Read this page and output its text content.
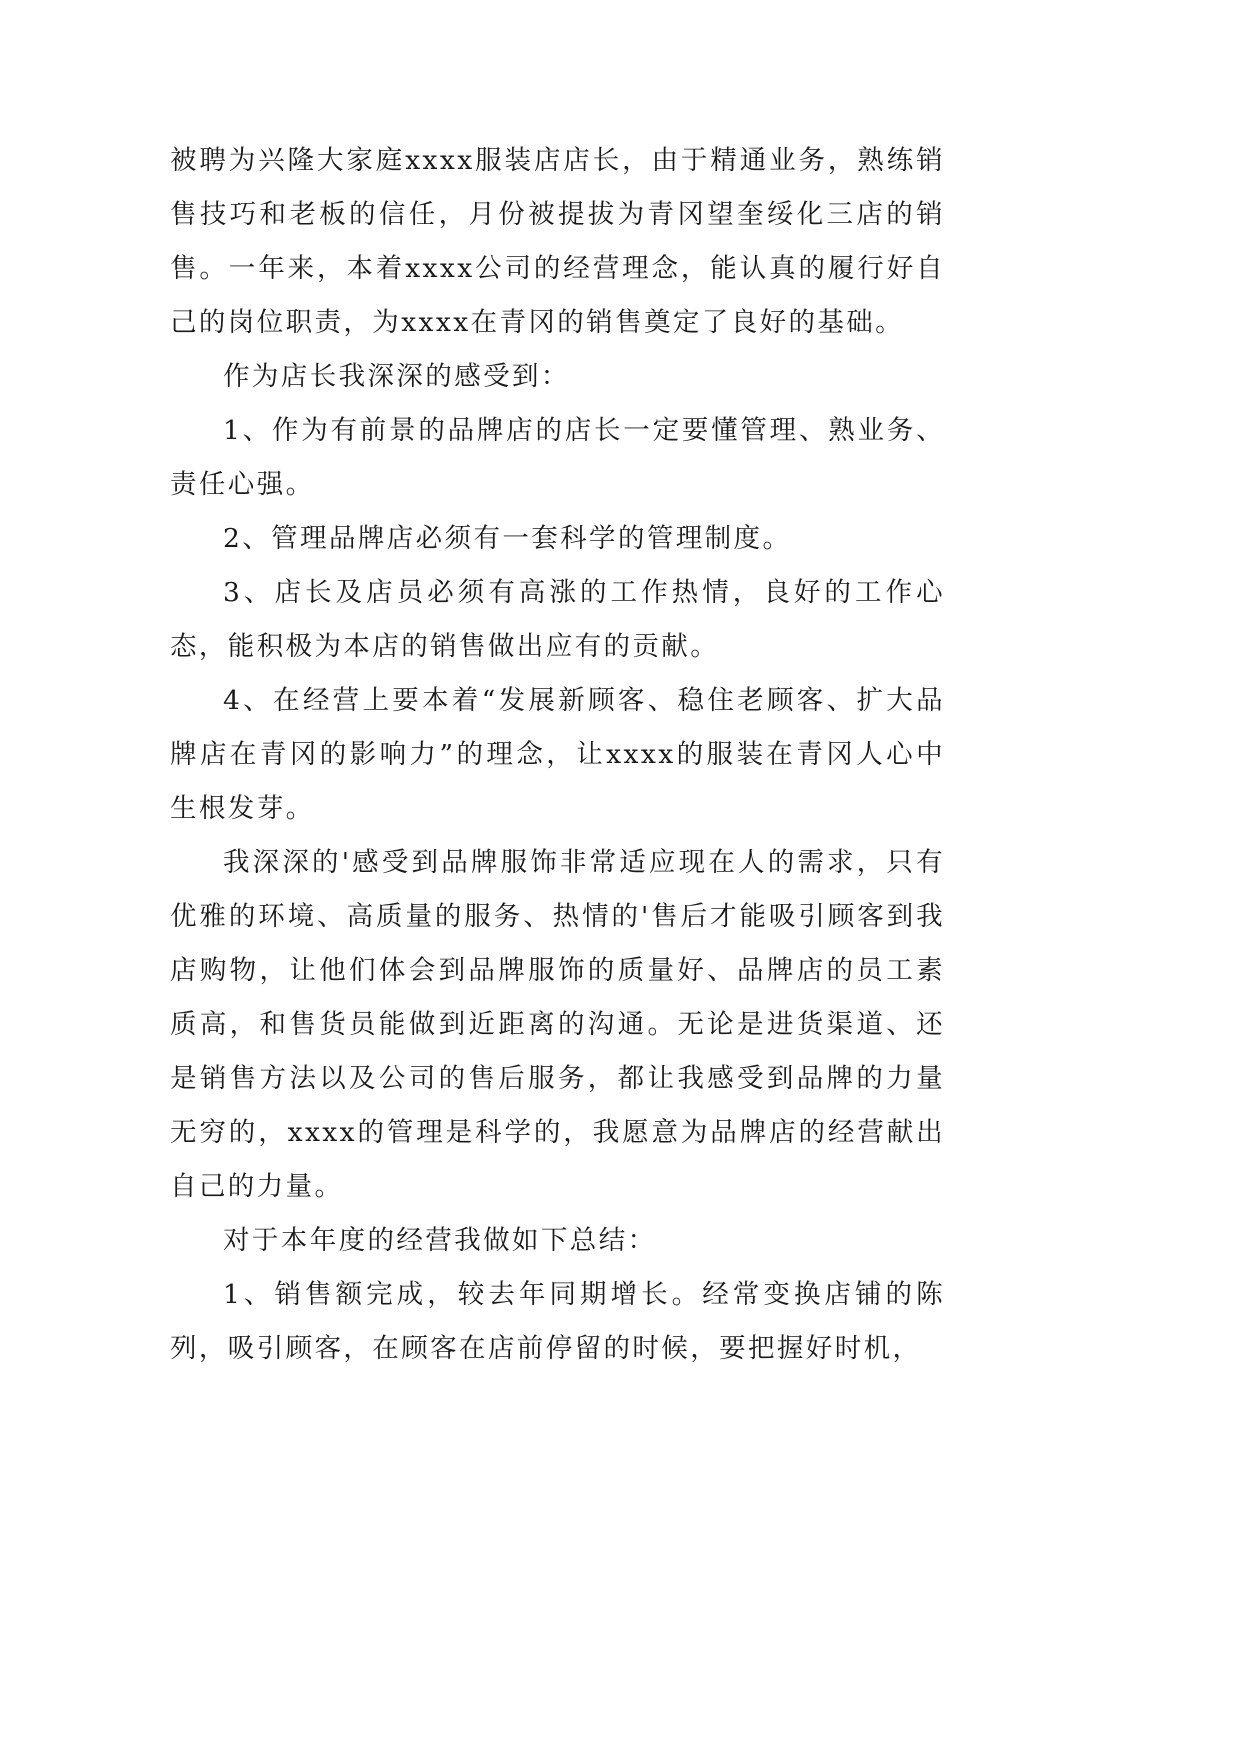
被聘为兴隆大家庭xxxx服装店店长，由于精通业务，熟练销售技巧和老板的信任，月份被提拔为青冈望奎绥化三店的销售。一年来，本着xxxx公司的经营理念，能认真的履行好自己的岗位职责，为xxxx在青冈的销售奠定了良好的基础。

作为店长我深深的感受到：

1、作为有前景的品牌店的店长一定要懂管理、熟业务、责任心强。

2、管理品牌店必须有一套科学的管理制度。

3、店长及店员必须有高涨的工作热情，良好的工作心态，能积极为本店的销售做出应有的贡献。

4、在经营上要本着“发展新顾客、稳住老顾客、扩大品牌店在青冈的影响力”的理念，让xxxx的服装在青冈人心中生根发芽。

我深深的'感受到品牌服饰非常适应现在人的需求，只有优雅的环境、高质量的服务、热情的'售后才能吸引顾客到我店购物，让他们体会到品牌服饰的质量好、品牌店的员工素质高，和售货员能做到近距离的沟通。无论是进货渠道、还是销售方法以及公司的售后服务，都让我感受到品牌的力量无穷的，xxxx的管理是科学的，我愿意为品牌店的经营献出自己的力量。

对于本年度的经营我做如下总结：

1、销售额完成，较去年同期增长。经常变换店铺的陈列，吸引顾客，在顾客在店前停留的时候，要把握好时机，
